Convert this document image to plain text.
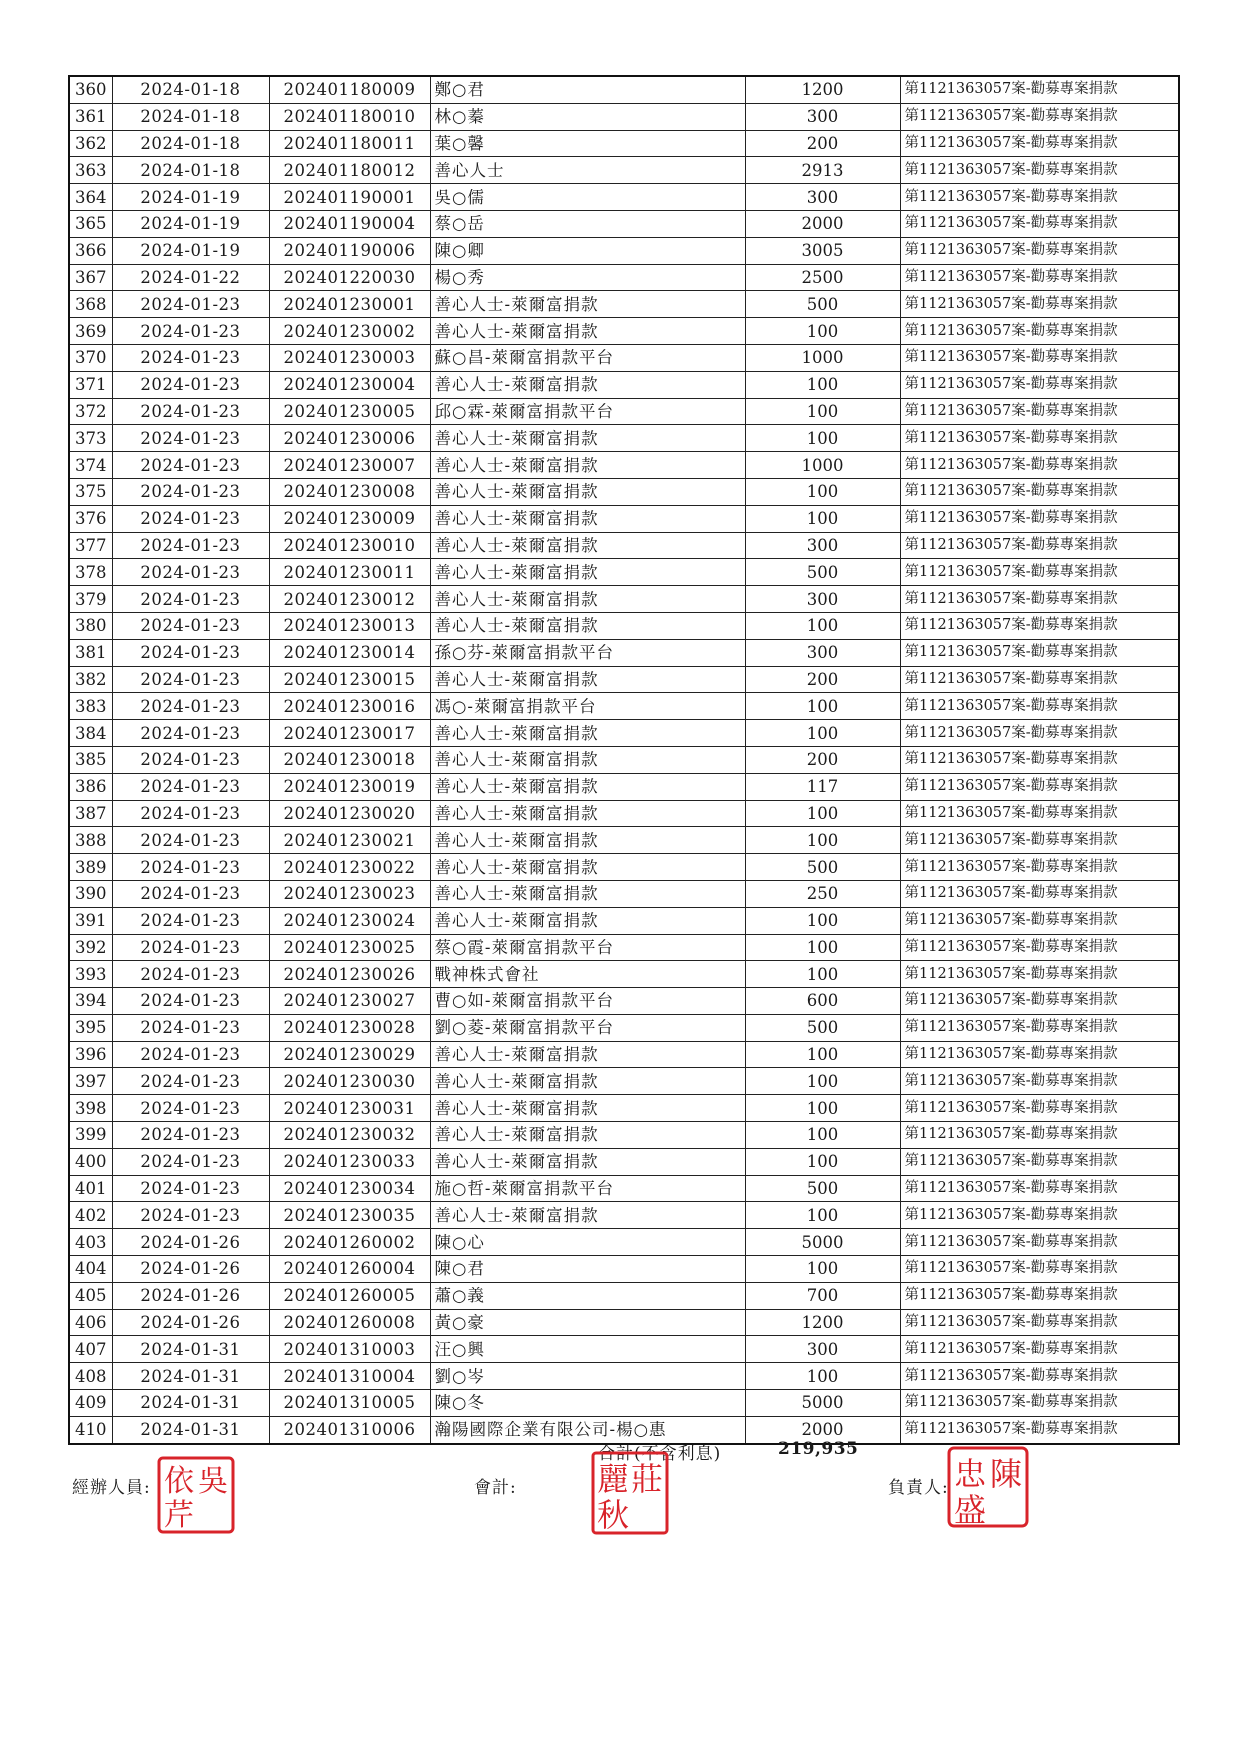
360	2024-01-18	202401180009	鄭○君	1200	第1121363057案-勸募專案捐款
361	2024-01-18	202401180010	林○蓁	300	第1121363057案-勸募專案捐款
362	2024-01-18	202401180011	葉○馨	200	第1121363057案-勸募專案捐款
363	2024-01-18	202401180012	善心人士	2913	第1121363057案-勸募專案捐款
364	2024-01-19	202401190001	吳○儒	300	第1121363057案-勸募專案捐款
365	2024-01-19	202401190004	蔡○岳	2000	第1121363057案-勸募專案捐款
366	2024-01-19	202401190006	陳○卿	3005	第1121363057案-勸募專案捐款
367	2024-01-22	202401220030	楊○秀	2500	第1121363057案-勸募專案捐款
368	2024-01-23	202401230001	善心人士-萊爾富捐款	500	第1121363057案-勸募專案捐款
369	2024-01-23	202401230002	善心人士-萊爾富捐款	100	第1121363057案-勸募專案捐款
370	2024-01-23	202401230003	蘇○昌-萊爾富捐款平台	1000	第1121363057案-勸募專案捐款
371	2024-01-23	202401230004	善心人士-萊爾富捐款	100	第1121363057案-勸募專案捐款
372	2024-01-23	202401230005	邱○霖-萊爾富捐款平台	100	第1121363057案-勸募專案捐款
373	2024-01-23	202401230006	善心人士-萊爾富捐款	100	第1121363057案-勸募專案捐款
374	2024-01-23	202401230007	善心人士-萊爾富捐款	1000	第1121363057案-勸募專案捐款
375	2024-01-23	202401230008	善心人士-萊爾富捐款	100	第1121363057案-勸募專案捐款
376	2024-01-23	202401230009	善心人士-萊爾富捐款	100	第1121363057案-勸募專案捐款
377	2024-01-23	202401230010	善心人士-萊爾富捐款	300	第1121363057案-勸募專案捐款
378	2024-01-23	202401230011	善心人士-萊爾富捐款	500	第1121363057案-勸募專案捐款
379	2024-01-23	202401230012	善心人士-萊爾富捐款	300	第1121363057案-勸募專案捐款
380	2024-01-23	202401230013	善心人士-萊爾富捐款	100	第1121363057案-勸募專案捐款
381	2024-01-23	202401230014	孫○芬-萊爾富捐款平台	300	第1121363057案-勸募專案捐款
382	2024-01-23	202401230015	善心人士-萊爾富捐款	200	第1121363057案-勸募專案捐款
383	2024-01-23	202401230016	馮○-萊爾富捐款平台	100	第1121363057案-勸募專案捐款
384	2024-01-23	202401230017	善心人士-萊爾富捐款	100	第1121363057案-勸募專案捐款
385	2024-01-23	202401230018	善心人士-萊爾富捐款	200	第1121363057案-勸募專案捐款
386	2024-01-23	202401230019	善心人士-萊爾富捐款	117	第1121363057案-勸募專案捐款
387	2024-01-23	202401230020	善心人士-萊爾富捐款	100	第1121363057案-勸募專案捐款
388	2024-01-23	202401230021	善心人士-萊爾富捐款	100	第1121363057案-勸募專案捐款
389	2024-01-23	202401230022	善心人士-萊爾富捐款	500	第1121363057案-勸募專案捐款
390	2024-01-23	202401230023	善心人士-萊爾富捐款	250	第1121363057案-勸募專案捐款
391	2024-01-23	202401230024	善心人士-萊爾富捐款	100	第1121363057案-勸募專案捐款
392	2024-01-23	202401230025	蔡○霞-萊爾富捐款平台	100	第1121363057案-勸募專案捐款
393	2024-01-23	202401230026	戰神株式會社	100	第1121363057案-勸募專案捐款
394	2024-01-23	202401230027	曹○如-萊爾富捐款平台	600	第1121363057案-勸募專案捐款
395	2024-01-23	202401230028	劉○菱-萊爾富捐款平台	500	第1121363057案-勸募專案捐款
396	2024-01-23	202401230029	善心人士-萊爾富捐款	100	第1121363057案-勸募專案捐款
397	2024-01-23	202401230030	善心人士-萊爾富捐款	100	第1121363057案-勸募專案捐款
398	2024-01-23	202401230031	善心人士-萊爾富捐款	100	第1121363057案-勸募專案捐款
399	2024-01-23	202401230032	善心人士-萊爾富捐款	100	第1121363057案-勸募專案捐款
400	2024-01-23	202401230033	善心人士-萊爾富捐款	100	第1121363057案-勸募專案捐款
401	2024-01-23	202401230034	施○哲-萊爾富捐款平台	500	第1121363057案-勸募專案捐款
402	2024-01-23	202401230035	善心人士-萊爾富捐款	100	第1121363057案-勸募專案捐款
403	2024-01-26	202401260002	陳○心	5000	第1121363057案-勸募專案捐款
404	2024-01-26	202401260004	陳○君	100	第1121363057案-勸募專案捐款
405	2024-01-26	202401260005	蕭○義	700	第1121363057案-勸募專案捐款
406	2024-01-26	202401260008	黃○豪	1200	第1121363057案-勸募專案捐款
407	2024-01-31	202401310003	汪○興	300	第1121363057案-勸募專案捐款
408	2024-01-31	202401310004	劉○岑	100	第1121363057案-勸募專案捐款
409	2024-01-31	202401310005	陳○冬	5000	第1121363057案-勸募專案捐款
410	2024-01-31	202401310006	瀚陽國際企業有限公司-楊○惠	2000	第1121363057案-勸募專案捐款
合計(不含利息)	219,935
經辦人員:	會計:	負責人:
吳
依
芹
莊
麗
秋
陳
忠
盛
